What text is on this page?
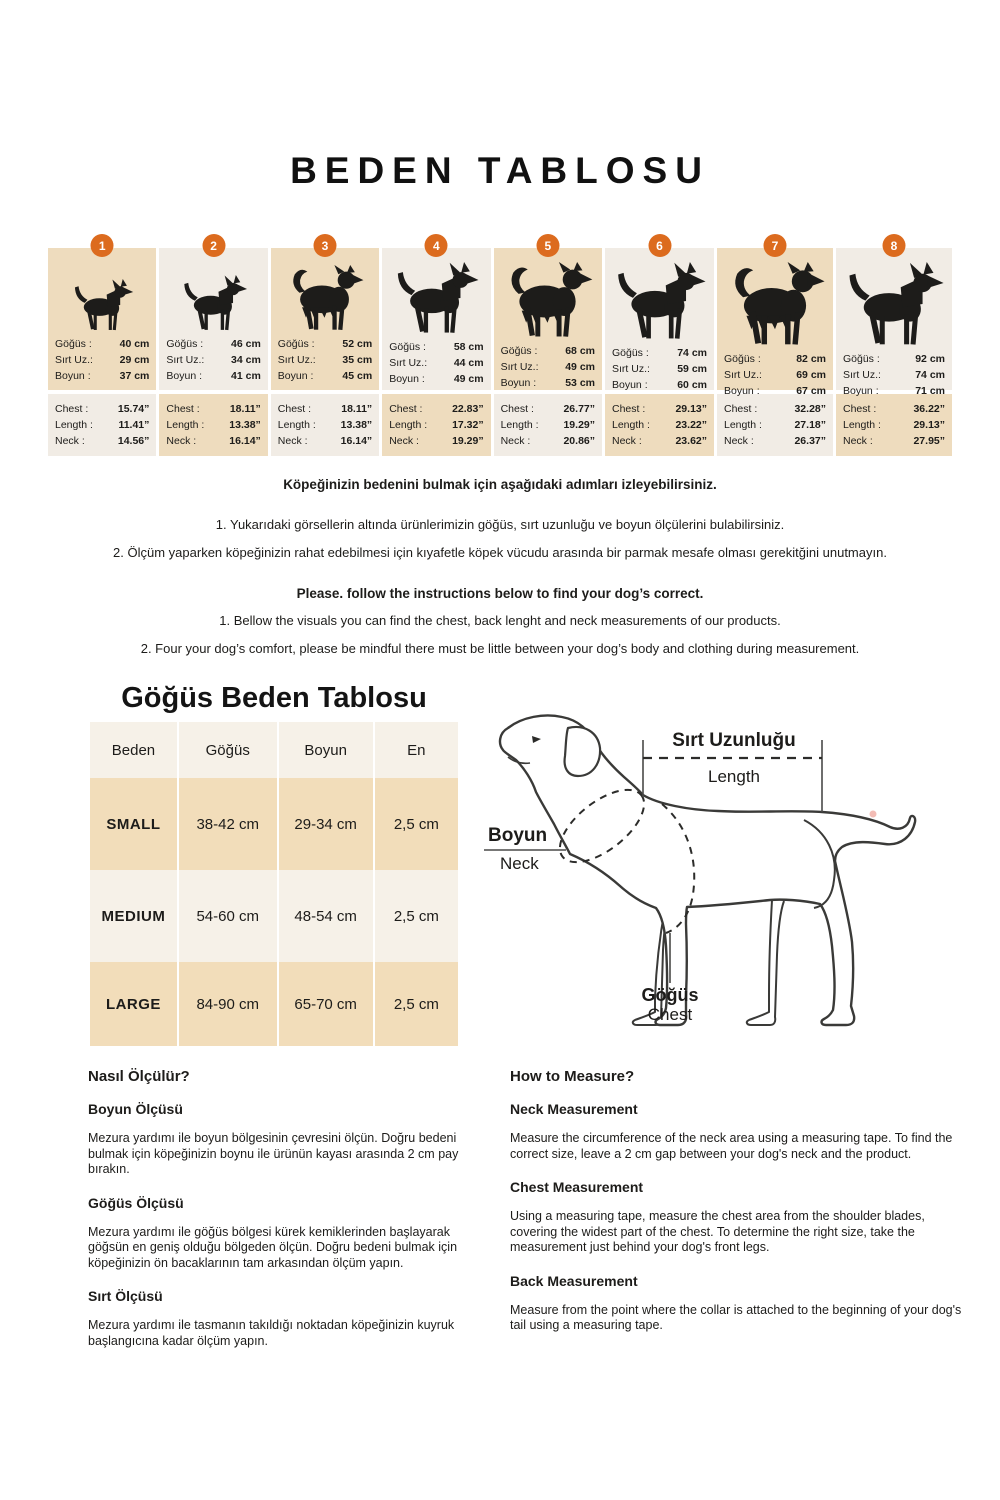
BEDEN TABLOSU
1
Göğüs :	40 cm
Sırt Uz.:	29 cm
Boyun :	37 cm
Chest :	15.74”
Length : 11.41”
Neck :	14.56”
2
Göğüs :	46 cm
Sırt Uz.:	34 cm
Boyun :	41 cm
Chest :	18.11”
Length : 13.38”
Neck :	16.14”
3
Göğüs :	52 cm
Sırt Uz.:	35 cm
Boyun :	45 cm
Chest :	18.11”
Length : 13.38”
Neck :	16.14”
4
Göğüs :	58 cm
Sırt Uz.:	44 cm
Boyun :	49 cm
Chest :	22.83”
Length : 17.32”
Neck :	19.29”
5
Göğüs :	68 cm
Sırt Uz.:	49 cm
Boyun :	53 cm
Chest :	26.77”
Length : 19.29”
Neck :	20.86”
6
Göğüs :	74 cm
Sırt Uz.:	59 cm
Boyun :	60 cm
Chest :	29.13”
Length : 23.22”
Neck :	23.62”
7
Göğüs :	82 cm
Sırt Uz.:	69 cm
Boyun :	67 cm
Chest :	32.28”
Length :	27.18”
Neck :	26.37”
8
Göğüs :	92 cm
Sırt Uz.:	74 cm
Boyun :	71 cm
Chest :	36.22”
Length :	29.13”
Neck :	27.95”
Köpeğinizin bedenini bulmak için aşağıdaki adımları izleyebilirsiniz.
1. Yukarıdaki görsellerin altında ürünlerimizin göğüs, sırt uzunluğu ve boyun ölçülerini bulabilirsiniz.
2. Ölçüm yaparken köpeğinizin rahat edebilmesi için kıyafetle köpek vücudu arasında bir parmak mesafe olması gerekitğini unutmayın.
Please. follow the instructions below to find your dog’s correct.
1. Bellow the visuals you can find the chest, back lenght and neck measurements of our products.
2. Four your dog’s comfort, please be mindful there must be little between your dog’s body and clothing during measurement.
Göğüs Beden Tablosu
Beden	Göğüs	Boyun	En
SMALL	38-42 cm	29-34 cm	2,5 cm
MEDIUM	54-60 cm	48-54 cm	2,5 cm
LARGE	84-90 cm	65-70 cm	2,5 cm
Sırt Uzunluğu
Length
Boyun
Neck
Göğüs
Chest

Nasıl Ölçülür?

Boyun Ölçüsü

Mezura yardımı ile boyun bölgesinin çevresini ölçün. Doğru bedeni bulmak için köpeğinizin boynu ile ürünün kayası arasında 2 cm pay bırakın.

Göğüs Ölçüsü

Mezura yardımı ile göğüs bölgesi kürek kemiklerinden başlayarak göğsün en geniş olduğu bölgeden ölçün. Doğru bedeni bulmak için köpeğinizin ön bacaklarının tam arkasından ölçüm yapın.

Sırt Ölçüsü

Mezura yardımı ile tasmanın takıldığı noktadan köpeğinizin kuyruk başlangıcına kadar ölçüm yapın.

How to Measure?

Neck Measurement

Measure the circumference of the neck area using a measuring tape. To find the correct size, leave a 2 cm gap between your dog's neck and the product.

Chest Measurement

Using a measuring tape, measure the chest area from the shoulder blades, covering the widest part of the chest. To determine the right size, take the measurement just behind your dog's front legs.

Back Measurement

Measure from the point where the collar is attached to the beginning of your dog's tail using a measuring tape.
